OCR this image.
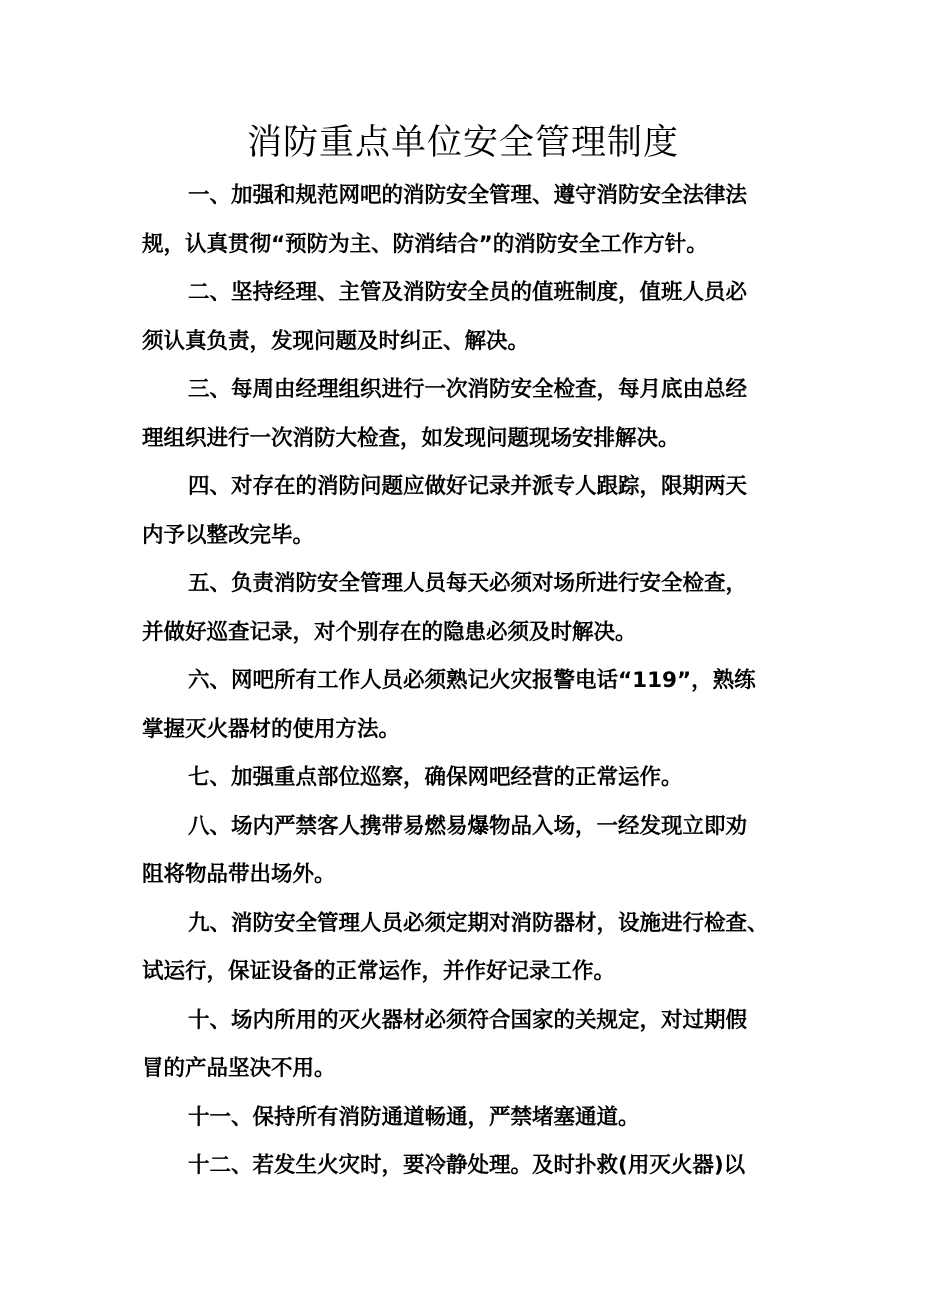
消防重点单位安全管理制度

一、加强和规范网吧的消防安全管理、遵守消防安全法律法
规，认真贯彻“预防为主、防消结合”的消防安全工作方针。

二、坚持经理、主管及消防安全员的值班制度，值班人员必
须认真负责，发现问题及时纠正、解决。

三、每周由经理组织进行一次消防安全检查，每月底由总经
理组织进行一次消防大检查，如发现问题现场安排解决。

四、对存在的消防问题应做好记录并派专人跟踪，限期两天
内予以整改完毕。

五、负责消防安全管理人员每天必须对场所进行安全检查，
并做好巡查记录，对个别存在的隐患必须及时解决。

六、网吧所有工作人员必须熟记火灾报警电话“119”，熟练
掌握灭火器材的使用方法。

七、加强重点部位巡察，确保网吧经营的正常运作。

八、场内严禁客人携带易燃易爆物品入场，一经发现立即劝
阻将物品带出场外。

九、消防安全管理人员必须定期对消防器材，设施进行检查、
试运行，保证设备的正常运作，并作好记录工作。

十、场内所用的灭火器材必须符合国家的关规定，对过期假
冒的产品坚决不用。

十一、保持所有消防通道畅通，严禁堵塞通道。

十二、若发生火灾时，要冷静处理。及时扑救(用灭火器)以
